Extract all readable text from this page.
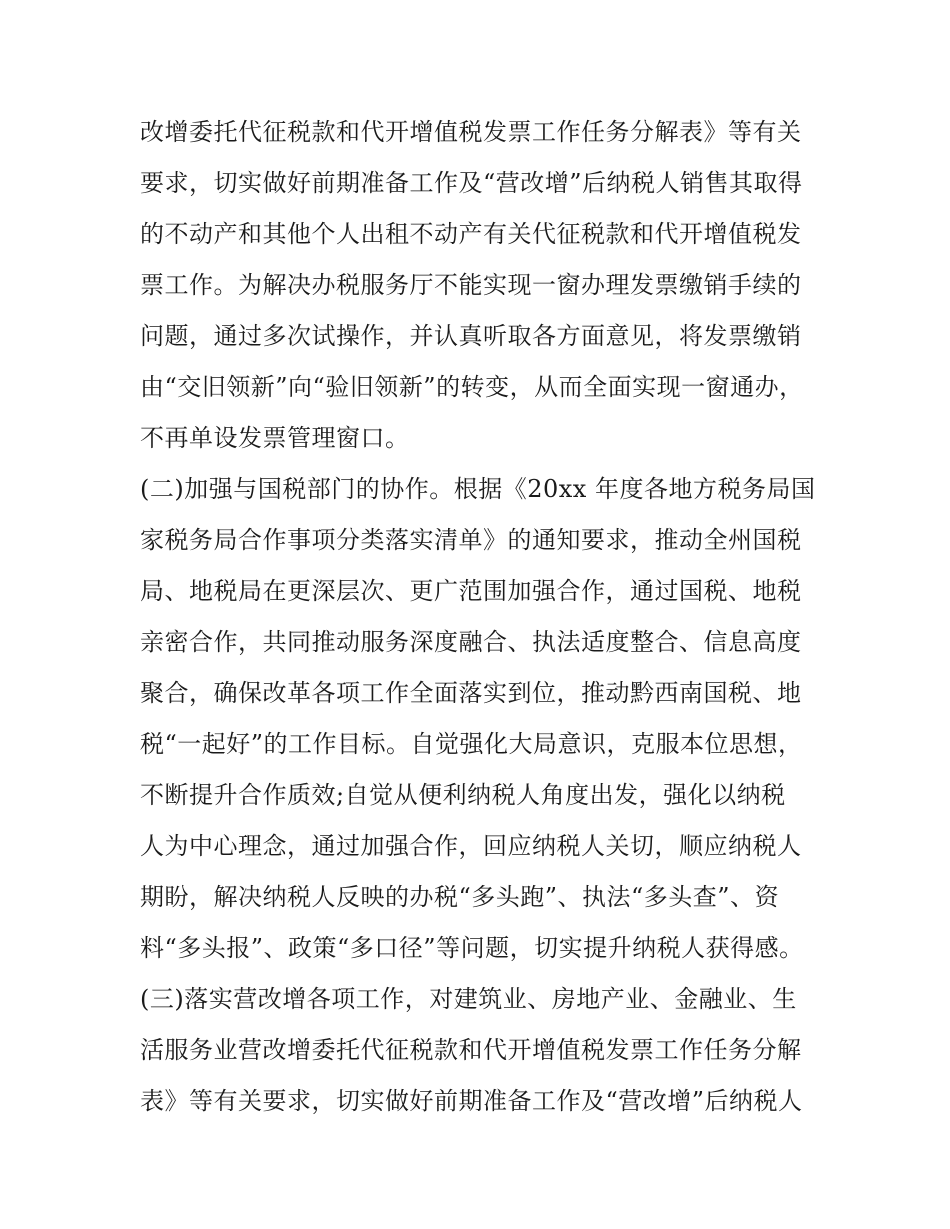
改增委托代征税款和代开增值税发票工作任务分解表》等有关
要求，切实做好前期准备工作及“营改增”后纳税人销售其取得
的不动产和其他个人出租不动产有关代征税款和代开增值税发
票工作。为解决办税服务厅不能实现一窗办理发票缴销手续的
问题，通过多次试操作，并认真听取各方面意见，将发票缴销
由“交旧领新”向“验旧领新”的转变，从而全面实现一窗通办，
不再单设发票管理窗口。
(二)加强与国税部门的协作。根据《20xx 年度各地方税务局国
家税务局合作事项分类落实清单》的通知要求，推动全州国税
局、地税局在更深层次、更广范围加强合作，通过国税、地税
亲密合作，共同推动服务深度融合、执法适度整合、信息高度
聚合，确保改革各项工作全面落实到位，推动黔西南国税、地
税“一起好”的工作目标。自觉强化大局意识，克服本位思想，
不断提升合作质效;自觉从便利纳税人角度出发，强化以纳税
人为中心理念，通过加强合作，回应纳税人关切，顺应纳税人
期盼，解决纳税人反映的办税“多头跑”、执法“多头查”、资
料“多头报”、政策“多口径”等问题，切实提升纳税人获得感。
(三)落实营改增各项工作，对建筑业、房地产业、金融业、生
活服务业营改增委托代征税款和代开增值税发票工作任务分解
表》等有关要求，切实做好前期准备工作及“营改增”后纳税人
